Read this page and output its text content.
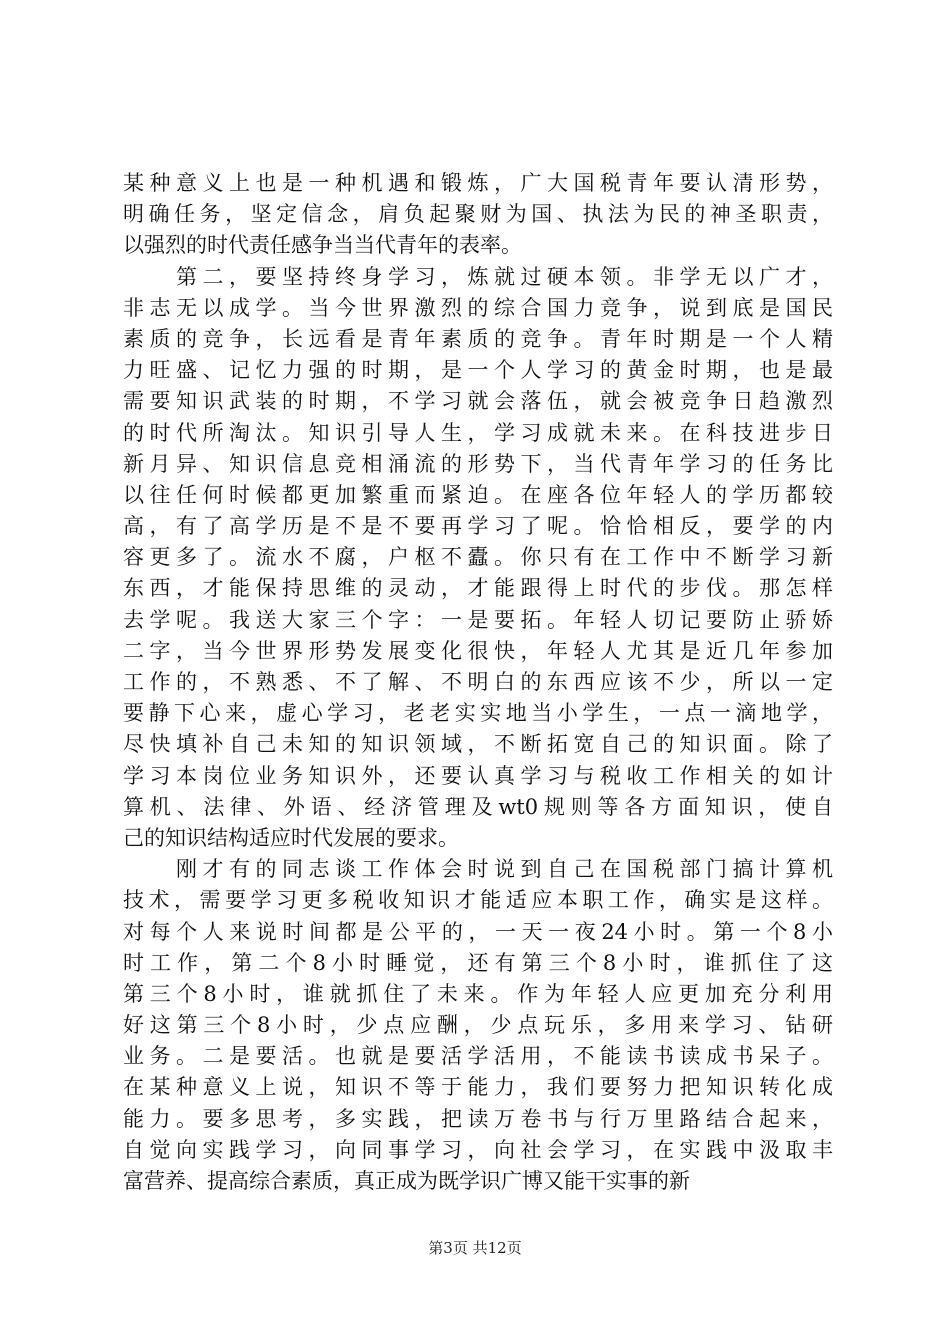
某种意义上也是一种机遇和锻炼，广大国税青年要认清形势，
明确任务，坚定信念，肩负起聚财为国、执法为民的神圣职责，
以强烈的时代责任感争当当代青年的表率。
　　第二，要坚持终身学习，炼就过硬本领。非学无以广才，
非志无以成学。当今世界激烈的综合国力竞争，说到底是国民
素质的竞争，长远看是青年素质的竞争。青年时期是一个人精
力旺盛、记忆力强的时期，是一个人学习的黄金时期，也是最
需要知识武装的时期，不学习就会落伍，就会被竞争日趋激烈
的时代所淘汰。知识引导人生，学习成就未来。在科技进步日
新月异、知识信息竞相涌流的形势下，当代青年学习的任务比
以往任何时候都更加繁重而紧迫。在座各位年轻人的学历都较
高，有了高学历是不是不要再学习了呢。恰恰相反，要学的内
容更多了。流水不腐，户枢不蠹。你只有在工作中不断学习新
东西，才能保持思维的灵动，才能跟得上时代的步伐。那怎样
去学呢。我送大家三个字：一是要拓。年轻人切记要防止骄娇
二字，当今世界形势发展变化很快，年轻人尤其是近几年参加
工作的，不熟悉、不了解、不明白的东西应该不少，所以一定
要静下心来，虚心学习，老老实实地当小学生，一点一滴地学，
尽快填补自己未知的知识领域，不断拓宽自己的知识面。除了
学习本岗位业务知识外，还要认真学习与税收工作相关的如计
算机、法律、外语、经济管理及wt0规则等各方面知识，使自
己的知识结构适应时代发展的要求。
　　刚才有的同志谈工作体会时说到自己在国税部门搞计算机
技术，需要学习更多税收知识才能适应本职工作，确实是这样。
对每个人来说时间都是公平的，一天一夜24小时。第一个8小
时工作，第二个8小时睡觉，还有第三个8小时，谁抓住了这
第三个8小时，谁就抓住了未来。作为年轻人应更加充分利用
好这第三个8小时，少点应酬，少点玩乐，多用来学习、钻研
业务。二是要活。也就是要活学活用，不能读书读成书呆子。
在某种意义上说，知识不等于能力，我们要努力把知识转化成
能力。要多思考，多实践，把读万卷书与行万里路结合起来，
自觉向实践学习，向同事学习，向社会学习，在实践中汲取丰
富营养、提高综合素质，真正成为既学识广博又能干实事的新
第3页 共12页
